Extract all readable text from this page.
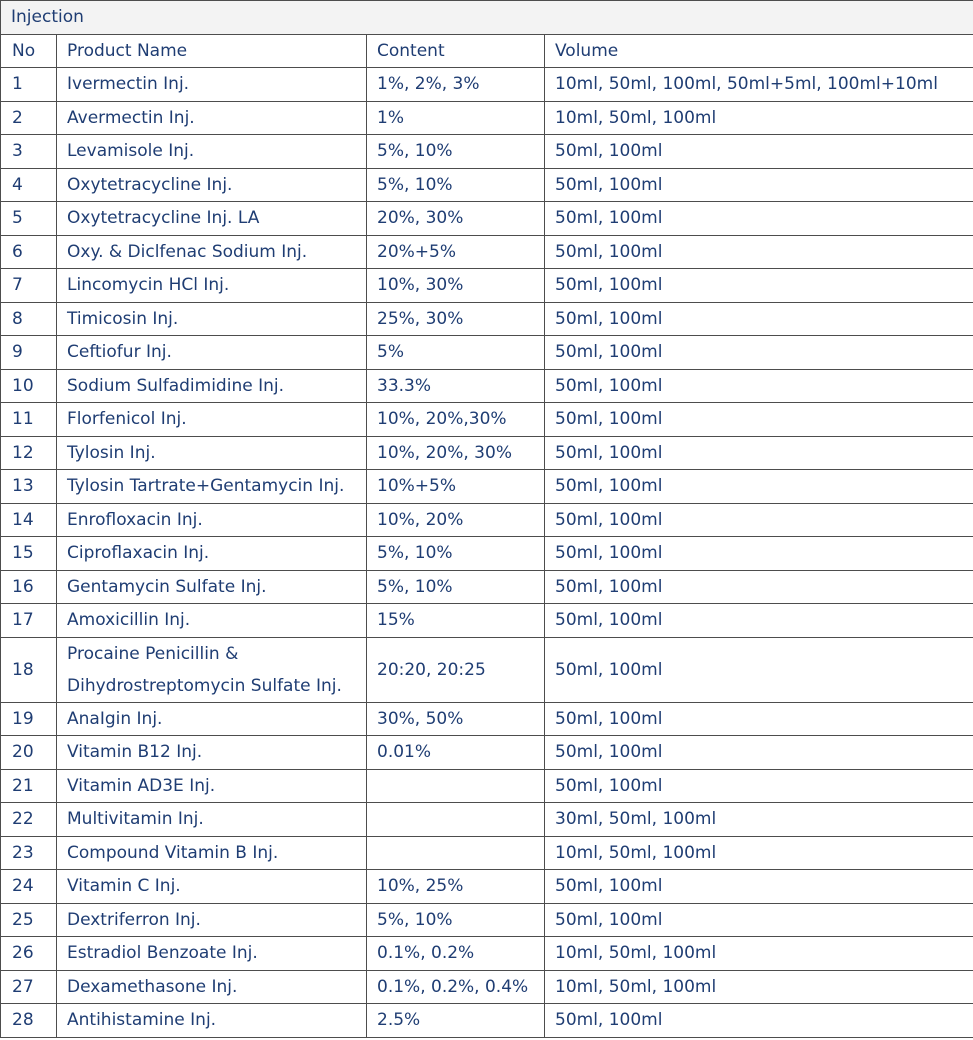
Injection			
No	Product Name	Content	Volume
1	Ivermectin Inj.	1%, 2%, 3%	10ml, 50ml, 100ml, 50ml+5ml, 100ml+10ml
2	Avermectin Inj.	1%	10ml, 50ml, 100ml
3	Levamisole Inj.	5%, 10%	50ml, 100ml
4	Oxytetracycline Inj.	5%, 10%	50ml, 100ml
5	Oxytetracycline Inj. LA	20%, 30%	50ml, 100ml
6	Oxy. & Diclfenac Sodium Inj.	20%+5%	50ml, 100ml
7	Lincomycin HCl Inj.	10%, 30%	50ml, 100ml
8	Timicosin Inj.	25%, 30%	50ml, 100ml
9	Ceftiofur Inj.	5%	50ml, 100ml
10	Sodium Sulfadimidine Inj.	33.3%	50ml, 100ml
11	Florfenicol Inj.	10%, 20%,30%	50ml, 100ml
12	Tylosin Inj.	10%, 20%, 30%	50ml, 100ml
13	Tylosin Tartrate+Gentamycin Inj.	10%+5%	50ml, 100ml
14	Enrofloxacin Inj.	10%, 20%	50ml, 100ml
15	Ciproflaxacin Inj.	5%, 10%	50ml, 100ml
16	Gentamycin Sulfate Inj.	5%, 10%	50ml, 100ml
17	Amoxicillin Inj.	15%	50ml, 100ml
18	Procaine Penicillin &
Dihydrostreptomycin Sulfate Inj.	20:20, 20:25	50ml, 100ml
19	AnaIgin Inj.	30%, 50%	50ml, 100ml
20	Vitamin B12 Inj.	0.01%	50ml, 100ml
21	Vitamin AD3E Inj.		50ml, 100ml
22	Multivitamin Inj.		30ml, 50ml, 100ml
23	Compound Vitamin B Inj.		10ml, 50ml, 100ml
24	Vitamin C Inj.	10%, 25%	50ml, 100ml
25	Dextriferron Inj.	5%, 10%	50ml, 100ml
26	Estradiol Benzoate Inj.	0.1%, 0.2%	10ml, 50ml, 100ml
27	Dexamethasone Inj.	0.1%, 0.2%, 0.4%	10ml, 50ml, 100ml
28	Antihistamine Inj.	2.5%	50ml, 100ml
